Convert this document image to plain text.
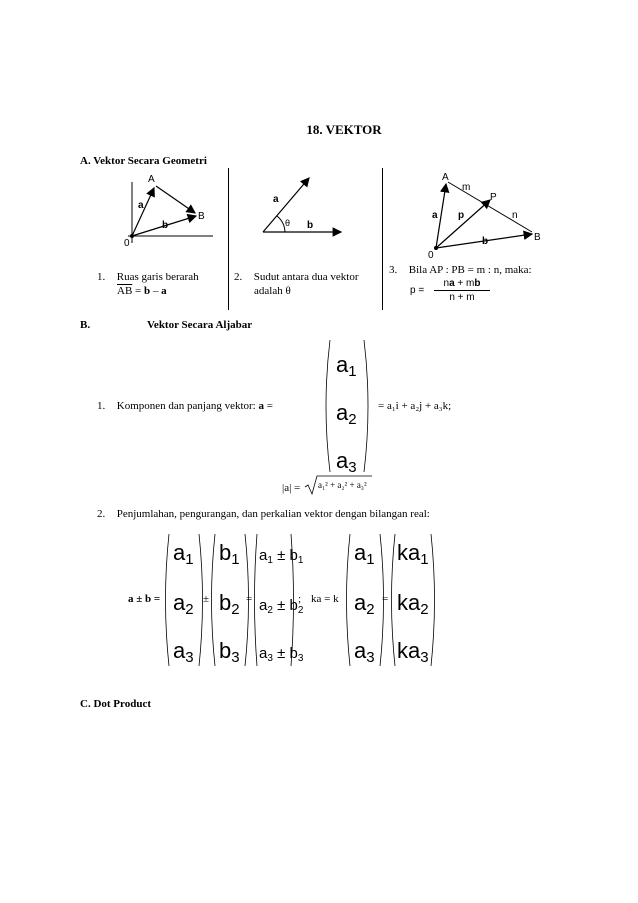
18. VEKTOR
A. Vektor Secara Geometri
A
B
a
b
0
a
b
θ
A
m
P
n
B
a p
b
0
1. Ruas garis berarah
$\overline{AB} = b - a$
2. Sudut antara dua vektor
adalah θ
3. Bila AP : PB = m : n, maka:
p =
na + mb
n + m
B.	Vektor Secara Aljabar
1. Komponen dan panjang vektor: a =
a1
a2
a3
= a₁i + a₂j + a₃k;
|a| = a₁² + a₂² + a₃²
2. Penjumlahan, pengurangan, dan perkalian vektor dengan bilangan real:
a ± b =
a1
a2
a3
±
b1
b2
b3
=
$a_1 \pm b_1$
$a_2 \pm b_2$
$a_3 \pm b_3$
; ka = k
a1
a2
a3
=
ka1
ka2
ka3
C. Dot Product
